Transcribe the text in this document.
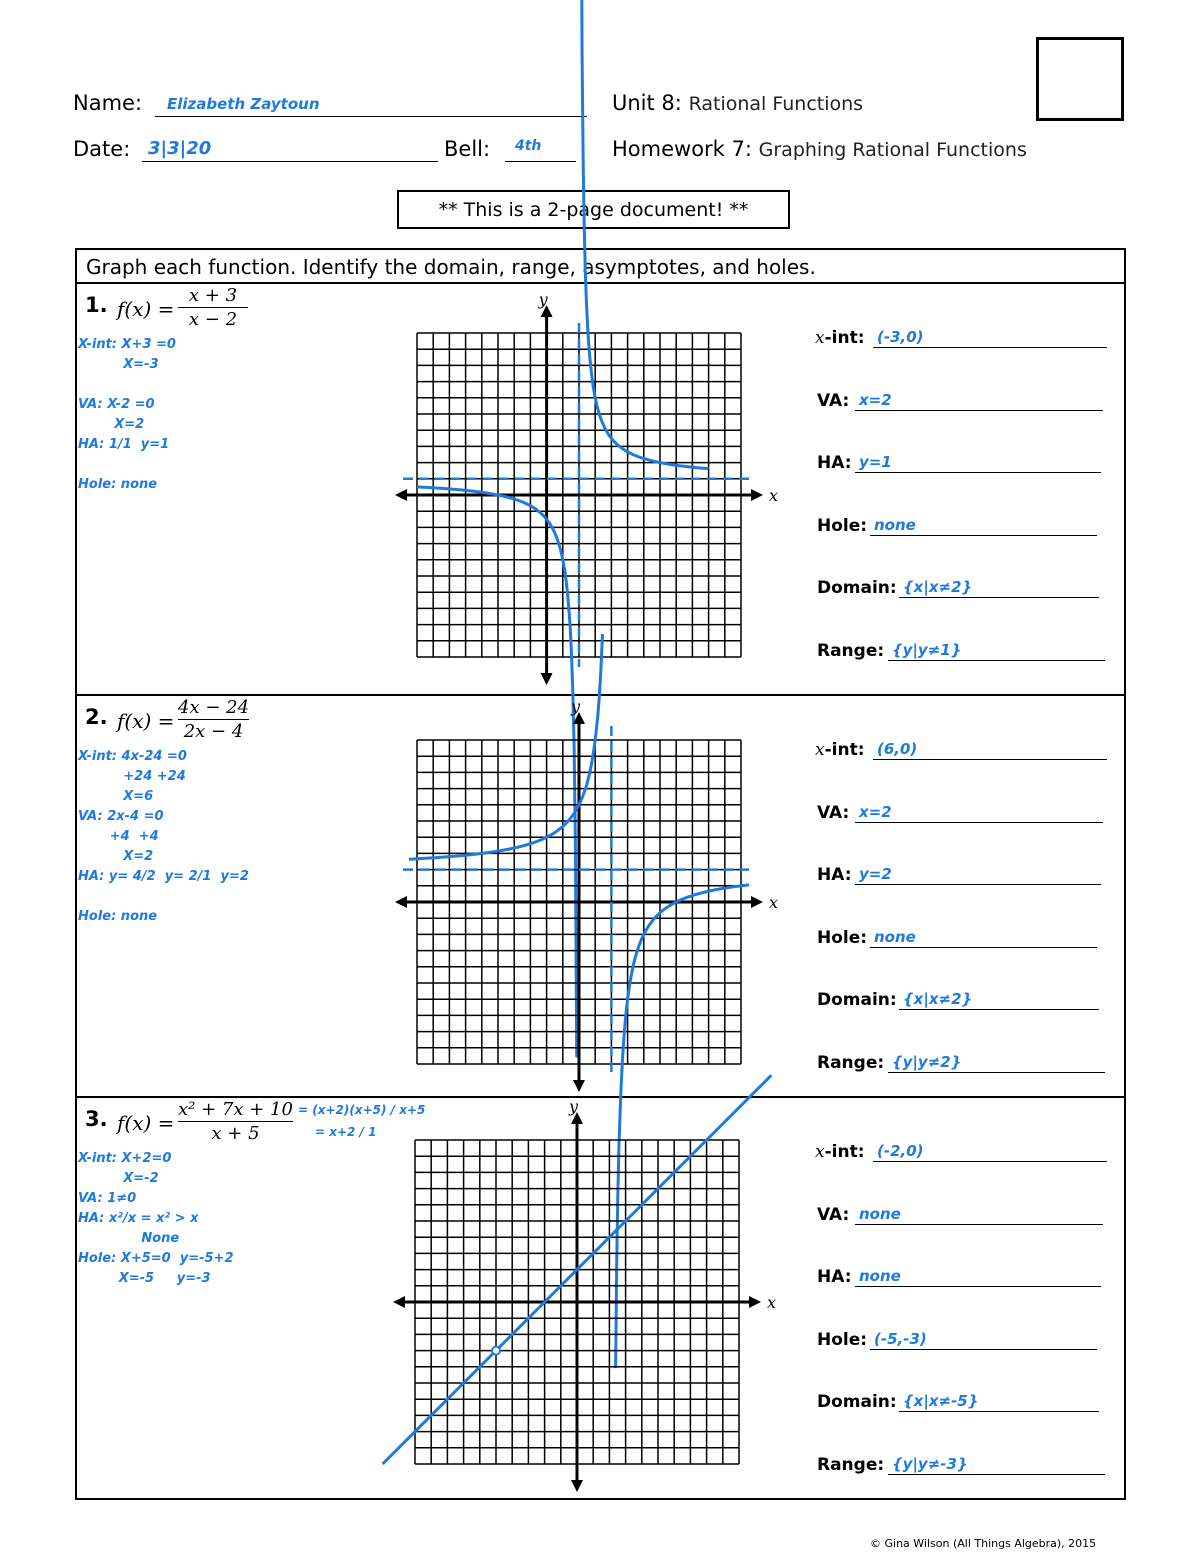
Name: Elizabeth Zaytoun
Date: 3|3|20	Bell: 4th
Unit 8: Rational Functions
Homework 7: Graphing Rational Functions
** This is a 2-page document! **
Graph each function. Identify the domain, range, asymptotes, and holes.
1. f(x) =
x + 3
x − 2
X-int: X+3 =0
X=-3

VA: X-2 =0
X=2
HA: 1/1  y=1

Hole: none
x-int: (-3,0)
VA: x=2
HA: y=1
Hole: none
Domain: {x|x≠2}
Range: {y|y≠1}
2. f(x) =
4x − 24
2x − 4
X-int: 4x-24 =0
+24 +24
X=6
VA: 2x-4 =0
+4  +4
X=2
HA: y= 4/2  y= 2/1  y=2

Hole: none
x-int: (6,0)
VA: x=2
HA: y=2
Hole: none
Domain: {x|x≠2}
Range: {y|y≠2}
3. f(x) =
x² + 7x + 10
x + 5
= (x+2)(x+5) / x+5
= x+2 / 1
X-int: X+2=0
X=-2
VA: 1≠0
HA: x²/x = x² > x
None
Hole: X+5=0  y=-5+2
X=-5     y=-3
x-int: (-2,0)
VA: none
HA: none
Hole: (-5,-3)
Domain: {x|x≠-5}
Range: {y|y≠-3}
x
y
x
y
x
y
© Gina Wilson (All Things Algebra), 2015
